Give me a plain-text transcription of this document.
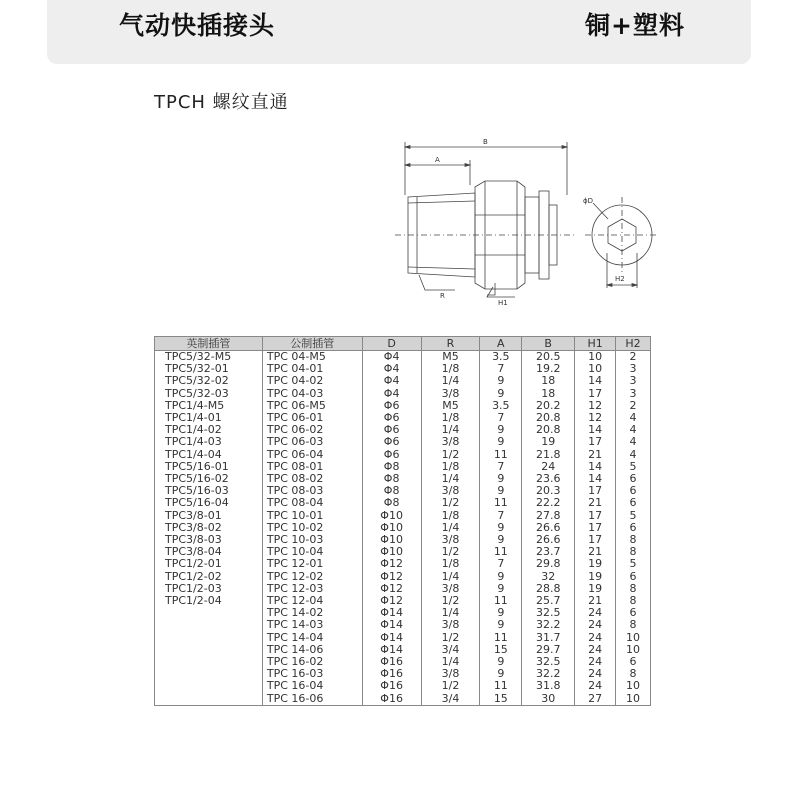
气动快插接头	铜+塑料
TPCH 螺纹直通
B
A
R
H1
ϕD
H2
英制插管	公制插管	D	R	A	B	H1	H2
TPC5/32-M5	TPC 04-M5	Φ4	M5	3.5	20.5	10	2
TPC5/32-01	TPC 04-01	Φ4	1/8	7	19.2	10	3
TPC5/32-02	TPC 04-02	Φ4	1/4	9	18	14	3
TPC5/32-03	TPC 04-03	Φ4	3/8	9	18	17	3
TPC1/4-M5	TPC 06-M5	Φ6	M5	3.5	20.2	12	2
TPC1/4-01	TPC 06-01	Φ6	1/8	7	20.8	12	4
TPC1/4-02	TPC 06-02	Φ6	1/4	9	20.8	14	4
TPC1/4-03	TPC 06-03	Φ6	3/8	9	19	17	4
TPC1/4-04	TPC 06-04	Φ6	1/2	11	21.8	21	4
TPC5/16-01	TPC 08-01	Φ8	1/8	7	24	14	5
TPC5/16-02	TPC 08-02	Φ8	1/4	9	23.6	14	6
TPC5/16-03	TPC 08-03	Φ8	3/8	9	20.3	17	6
TPC5/16-04	TPC 08-04	Φ8	1/2	11	22.2	21	6
TPC3/8-01	TPC 10-01	Φ10	1/8	7	27.8	17	5
TPC3/8-02	TPC 10-02	Φ10	1/4	9	26.6	17	6
TPC3/8-03	TPC 10-03	Φ10	3/8	9	26.6	17	8
TPC3/8-04	TPC 10-04	Φ10	1/2	11	23.7	21	8
TPC1/2-01	TPC 12-01	Φ12	1/8	7	29.8	19	5
TPC1/2-02	TPC 12-02	Φ12	1/4	9	32	19	6
TPC1/2-03	TPC 12-03	Φ12	3/8	9	28.8	19	8
TPC1/2-04	TPC 12-04	Φ12	1/2	11	25.7	21	8
	TPC 14-02	Φ14	1/4	9	32.5	24	6
	TPC 14-03	Φ14	3/8	9	32.2	24	8
	TPC 14-04	Φ14	1/2	11	31.7	24	10
	TPC 14-06	Φ14	3/4	15	29.7	24	10
	TPC 16-02	Φ16	1/4	9	32.5	24	6
	TPC 16-03	Φ16	3/8	9	32.2	24	8
	TPC 16-04	Φ16	1/2	11	31.8	24	10
	TPC 16-06	Φ16	3/4	15	30	27	10
